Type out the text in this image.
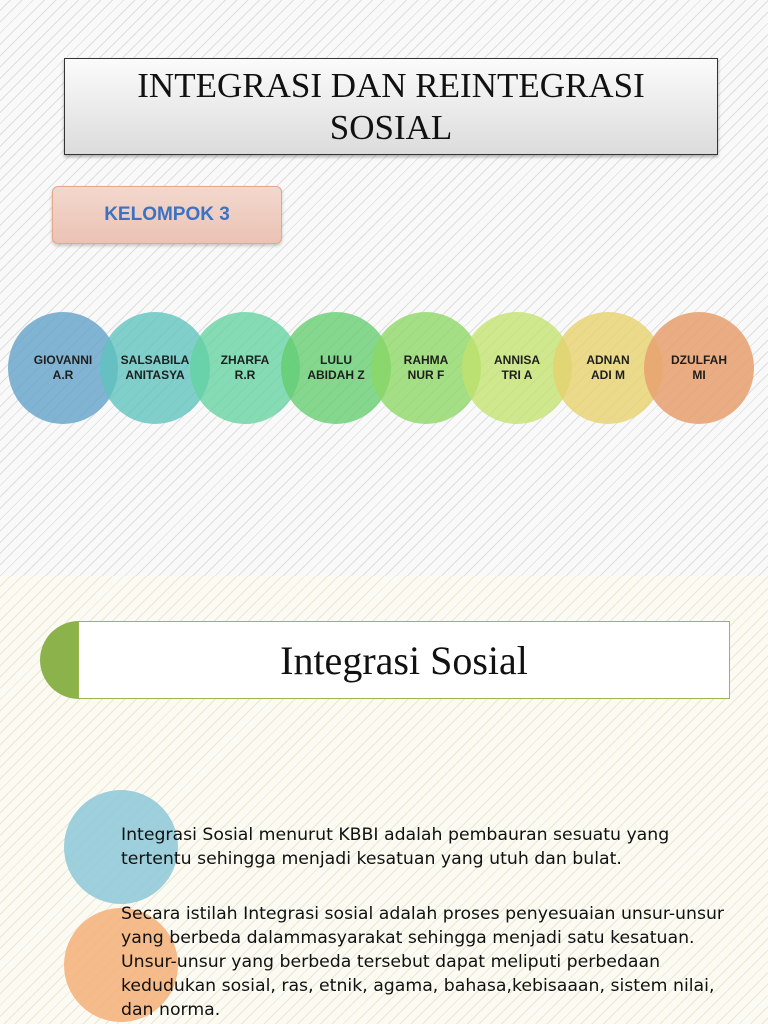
INTEGRASI DAN REINTEGRASI SOSIAL
KELOMPOK 3
GIOVANNI
A.R
SALSABILA
ANITASYA
ZHARFA
R.R
LULU
ABIDAH Z
RAHMA
NUR F
ANNISA
TRI A
ADNAN
ADI M
DZULFAH
MI
Integrasi Sosial

Integrasi Sosial menurut KBBI adalah pembauran sesuatu yang tertentu sehingga menjadi kesatuan yang utuh dan bulat.

Secara istilah Integrasi sosial adalah proses penyesuaian unsur-unsur yang berbeda dalammasyarakat sehingga menjadi satu kesatuan. Unsur-unsur yang berbeda tersebut dapat meliputi perbedaan kedudukan sosial, ras, etnik, agama, bahasa,kebisaaan, sistem nilai, dan norma.
